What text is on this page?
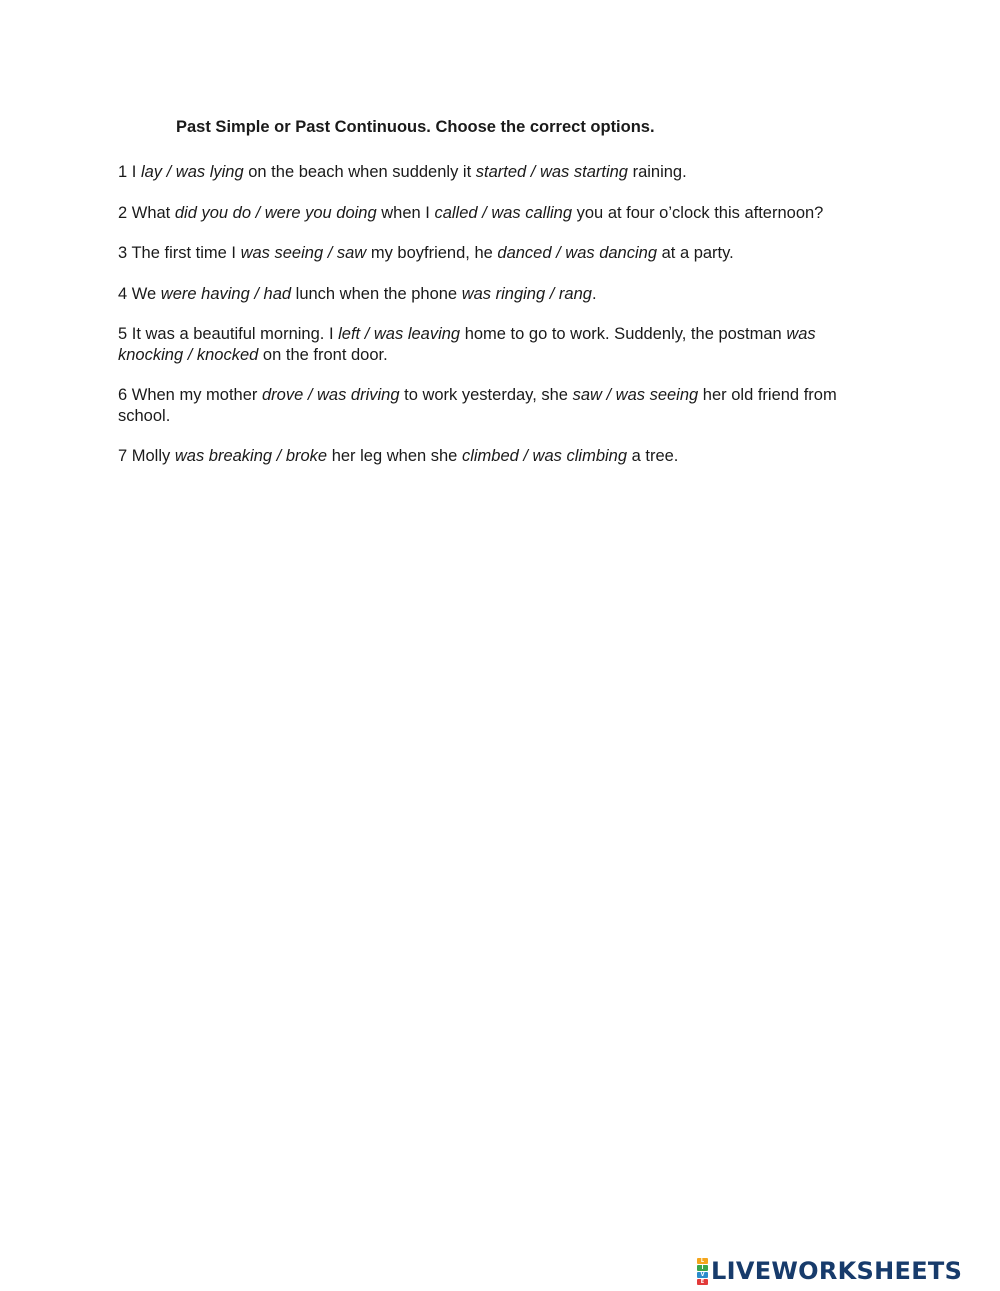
Past Simple or Past Continuous. Choose the correct options.

1 I lay / was lying on the beach when suddenly it started / was starting raining.

2 What did you do / were you doing when I called / was calling you at four o’clock this afternoon?

3 The first time I was seeing / saw my boyfriend, he danced / was dancing at a party.

4 We were having / had lunch when the phone was ringing / rang.

5 It was a beautiful morning. I left / was leaving home to go to work. Suddenly, the postman was knocking / knocked on the front door.

6 When my mother drove / was driving to work yesterday, she saw / was seeing her old friend from school.

7 Molly was breaking / broke her leg when she climbed / was climbing a tree.

L
I
V
E LIVEWORKSHEETS
